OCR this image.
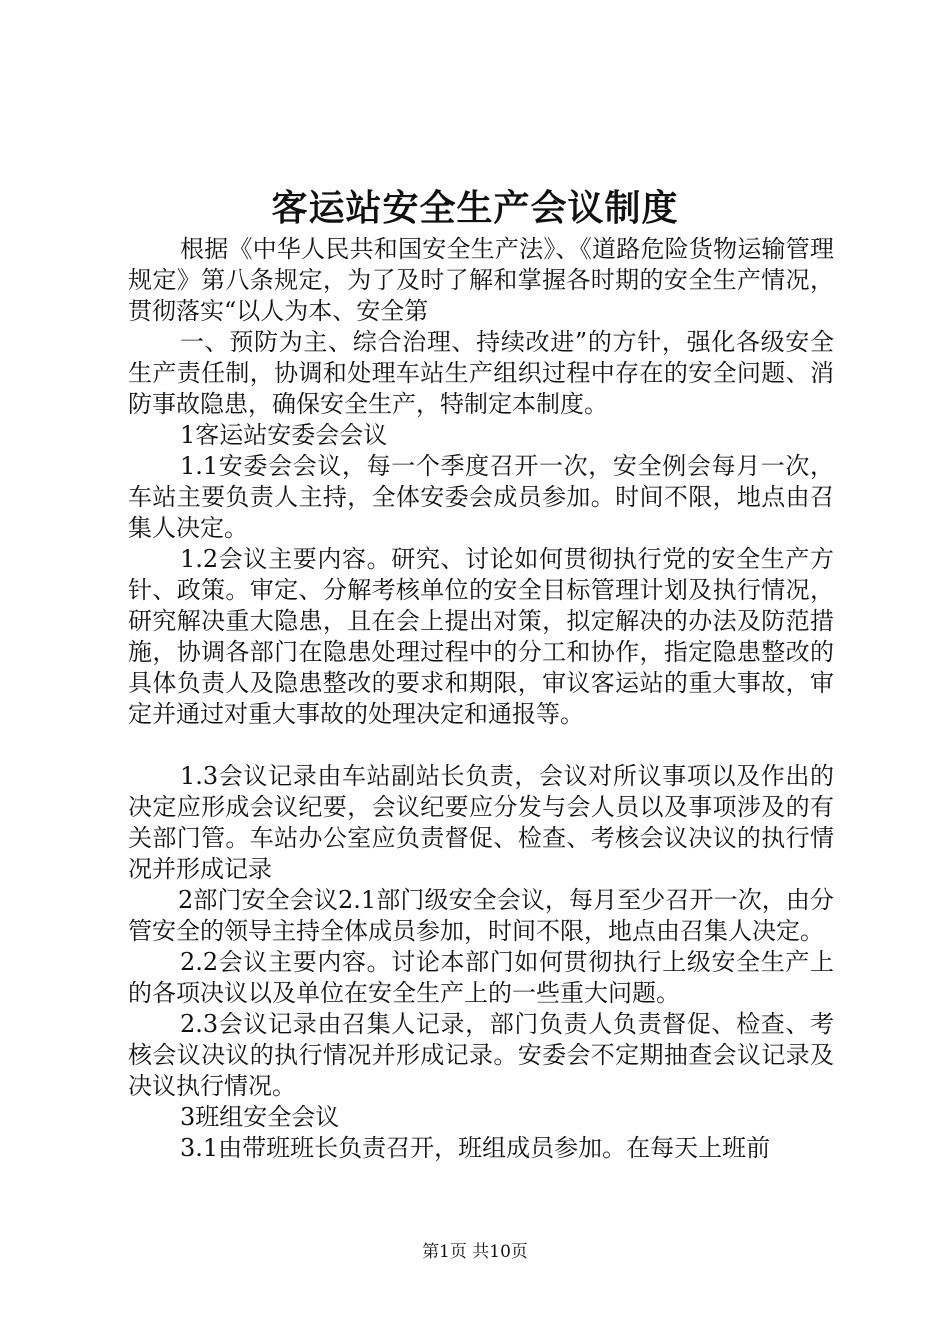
客运站安全生产会议制度

根据《中华人民共和国安全生产法》、《道路危险货物运输管理规定》第八条规定，为了及时了解和掌握各时期的安全生产情况，贯彻落实“以人为本、安全第

一、预防为主、综合治理、持续改进”的方针，强化各级安全生产责任制，协调和处理车站生产组织过程中存在的安全问题、消防事故隐患，确保安全生产，特制定本制度。

1客运站安委会会议

1.1安委会会议，每一个季度召开一次，安全例会每月一次，车站主要负责人主持，全体安委会成员参加。时间不限，地点由召集人决定。

1.2会议主要内容。研究、讨论如何贯彻执行党的安全生产方针、政策。审定、分解考核单位的安全目标管理计划及执行情况，研究解决重大隐患，且在会上提出对策，拟定解决的办法及防范措施，协调各部门在隐患处理过程中的分工和协作，指定隐患整改的具体负责人及隐患整改的要求和期限，审议客运站的重大事故，审定并通过对重大事故的处理决定和通报等。

1.3会议记录由车站副站长负责，会议对所议事项以及作出的决定应形成会议纪要，会议纪要应分发与会人员以及事项涉及的有关部门管。车站办公室应负责督促、检查、考核会议决议的执行情况并形成记录

2部门安全会议2.1部门级安全会议，每月至少召开一次，由分管安全的领导主持全体成员参加，时间不限，地点由召集人决定。

2.2会议主要内容。讨论本部门如何贯彻执行上级安全生产上的各项决议以及单位在安全生产上的一些重大问题。

2.3会议记录由召集人记录，部门负责人负责督促、检查、考核会议决议的执行情况并形成记录。安委会不定期抽查会议记录及决议执行情况。

3班组安全会议

3.1由带班班长负责召开，班组成员参加。在每天上班前

第1页 共10页
